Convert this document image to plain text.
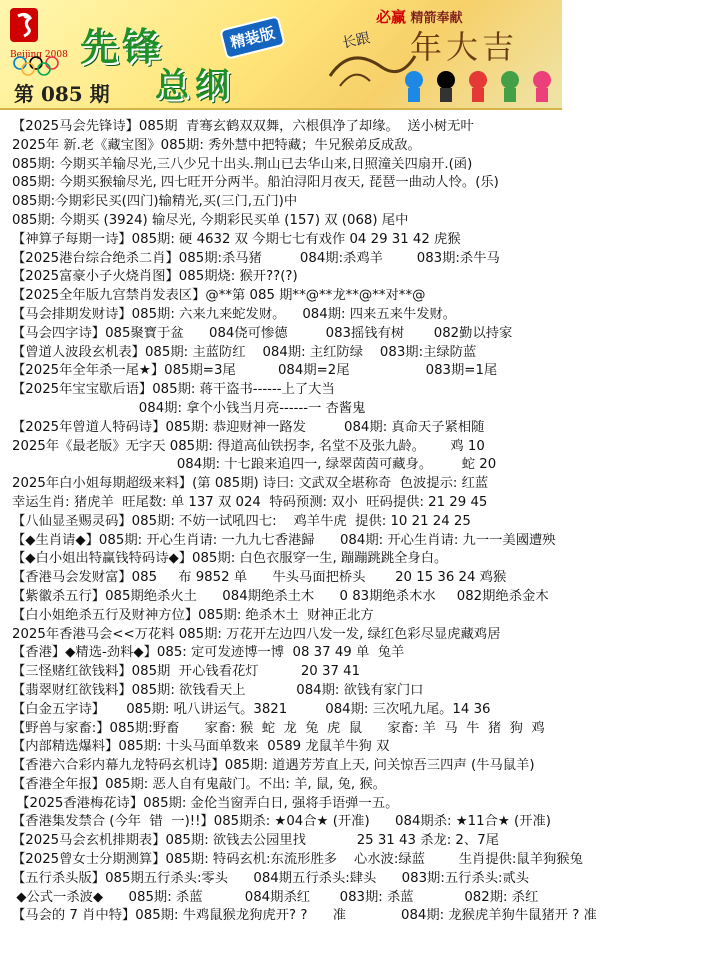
Beijing 2008 先锋	精装版
总纲
第 085 期
必赢 精箭奉献
长跟 年大吉
【2025马会先锋诗】085期  青骞玄鹤双双舞，六根俱净了却缘。  送小树无叶
2025年 新.老《藏宝图》085期: 秀外慧中把特藏；牛兄猴弟反成敌。
085期: 今期买羊输尽光,三八少兄十出头.荆山已去华山来,日照潼关四扇开.(函)
085期: 今期买猴输尽光, 四七旺开分两半。船泊浔阳月夜天, 琵琶一曲动人怜。(乐)
085期:今期彩民买(四门)输精光,买(三门,五门)中
085期: 今期买 (3924) 输尽光, 今期彩民买单 (157) 双 (068) 尾中
【神算子每期一诗】085期: 硬 4632 双 今期七七有戏作 04 29 31 42 虎猴
【2025港台综合绝杀二肖】085期:杀马猪         084期:杀鸡羊        083期:杀牛马
【2025富豪小子火烧肖图】085期烧: 猴开??(?)
【2025全年版九宫禁肖发表区】@**第 085 期**@**龙**@**对**@
【马会排期发财诗】085期: 六来九来蛇发财。    084期: 四来五来牛发财。
【马会四字诗】085聚寶于盆      084侥可惨德         083摇钱有树       082勤以持家
【曾道人波段玄机表】085期: 主蓝防红    084期: 主红防绿    083期:主绿防蓝
【2025年全年杀一尾★】085期=3尾          084期=2尾                  083期=1尾
【2025年宝宝歇后语】085期: 蒋干盗书------上了大当
084期: 拿个小钱当月亮------一 杏酱鬼
【2025年曾道人特码诗】085期: 恭迎财神一路发         084期: 真命天子紧相随
2025年《最老版》无字天 085期: 得道高仙铁拐李, 名堂不及张九龄。      鸡 10
084期: 十七踉来追四一, 绿翠茵茵可藏身。       蛇 20
2025年白小姐每期超级来料】(第 085期) 诗曰: 文武双全堪称奇  色波提示: 红蓝
幸运生肖: 猪虎羊  旺尾数: 单 137 双 024  特码预测: 双小  旺码提供: 21 29 45
【八仙显圣赐灵码】085期: 不妨一试吼四七:    鸡羊牛虎  提供: 10 21 24 25
【◆生肖请◆】085期: 开心生肖请: 一九九七香港歸      084期: 开心生肖请: 九一一美國遭殃
【◆白小姐出特赢钱特码诗◆】085期: 白色衣服穿一生, 蹦蹦跳跳全身白。
【香港马会发财富】085     布 9852 单      牛头马面把桥头       20 15 36 24 鸡猴
【紫徽杀五行】085期绝杀火土      084期绝杀土木      0 83期绝杀木水     082期绝杀金木
【白小姐绝杀五行及财神方位】085期: 绝杀木土  财神正北方
2025年香港马会<<万花料 085期: 万花开左边四八发一发, 绿红色彩尽显虎藏鸡居
【香港】◆精选-劲料◆】085: 定可发迹博一博  08 37 49 单  兔羊
【三怪赌红欲钱料】085期  开心钱看花灯          20 37 41
【翡翠财红欲钱料】085期: 欲钱看天上            084期: 欲钱有家门口
【白金五字诗】     085期: 吼八讲运气。3821         084期: 三次吼九尾。14 36
【野兽与家畜:】085期:野畜      家畜: 猴  蛇  龙  兔  虎  鼠      家畜: 羊  马  牛  猪  狗  鸡
【内部精选爆料】085期: 十头马面单数来  0589 龙鼠羊牛狗 双
【香港六合彩内幕九龙特码玄机诗】085期: 道遇芳芳直上天, 问关惊吾三四声 (牛马鼠羊)
【香港全年报】085期: 恶人自有鬼敲门。不出: 羊, 鼠, 兔, 猴。
【2025香港梅花诗】085期: 金伦当窗弄白日, 强将手语弹一五。
【香港集发禁合 (今年  错  一)!!】085期杀: ★04合★ (开准)      084期杀: ★11合★ (开准)
【2025马会玄机排期表】085期: 欲钱去公园里找            25 31 43 杀龙: 2、7尾
【2025曾女士分期测算】085期: 特码玄机:东流形胜多    心水波:绿蓝        生肖提供:鼠羊狗猴兔
【五行杀头版】085期五行杀头:零头      084期五行杀头:肆头      083期:五行杀头:贰头
◆公式一杀波◆      085期: 杀蓝          084期杀红       083期: 杀蓝            082期: 杀红
【马会的 7 肖中特】085期: 牛鸡鼠猴龙狗虎开? ?      准             084期: 龙猴虎羊狗牛鼠猪开 ? 准
